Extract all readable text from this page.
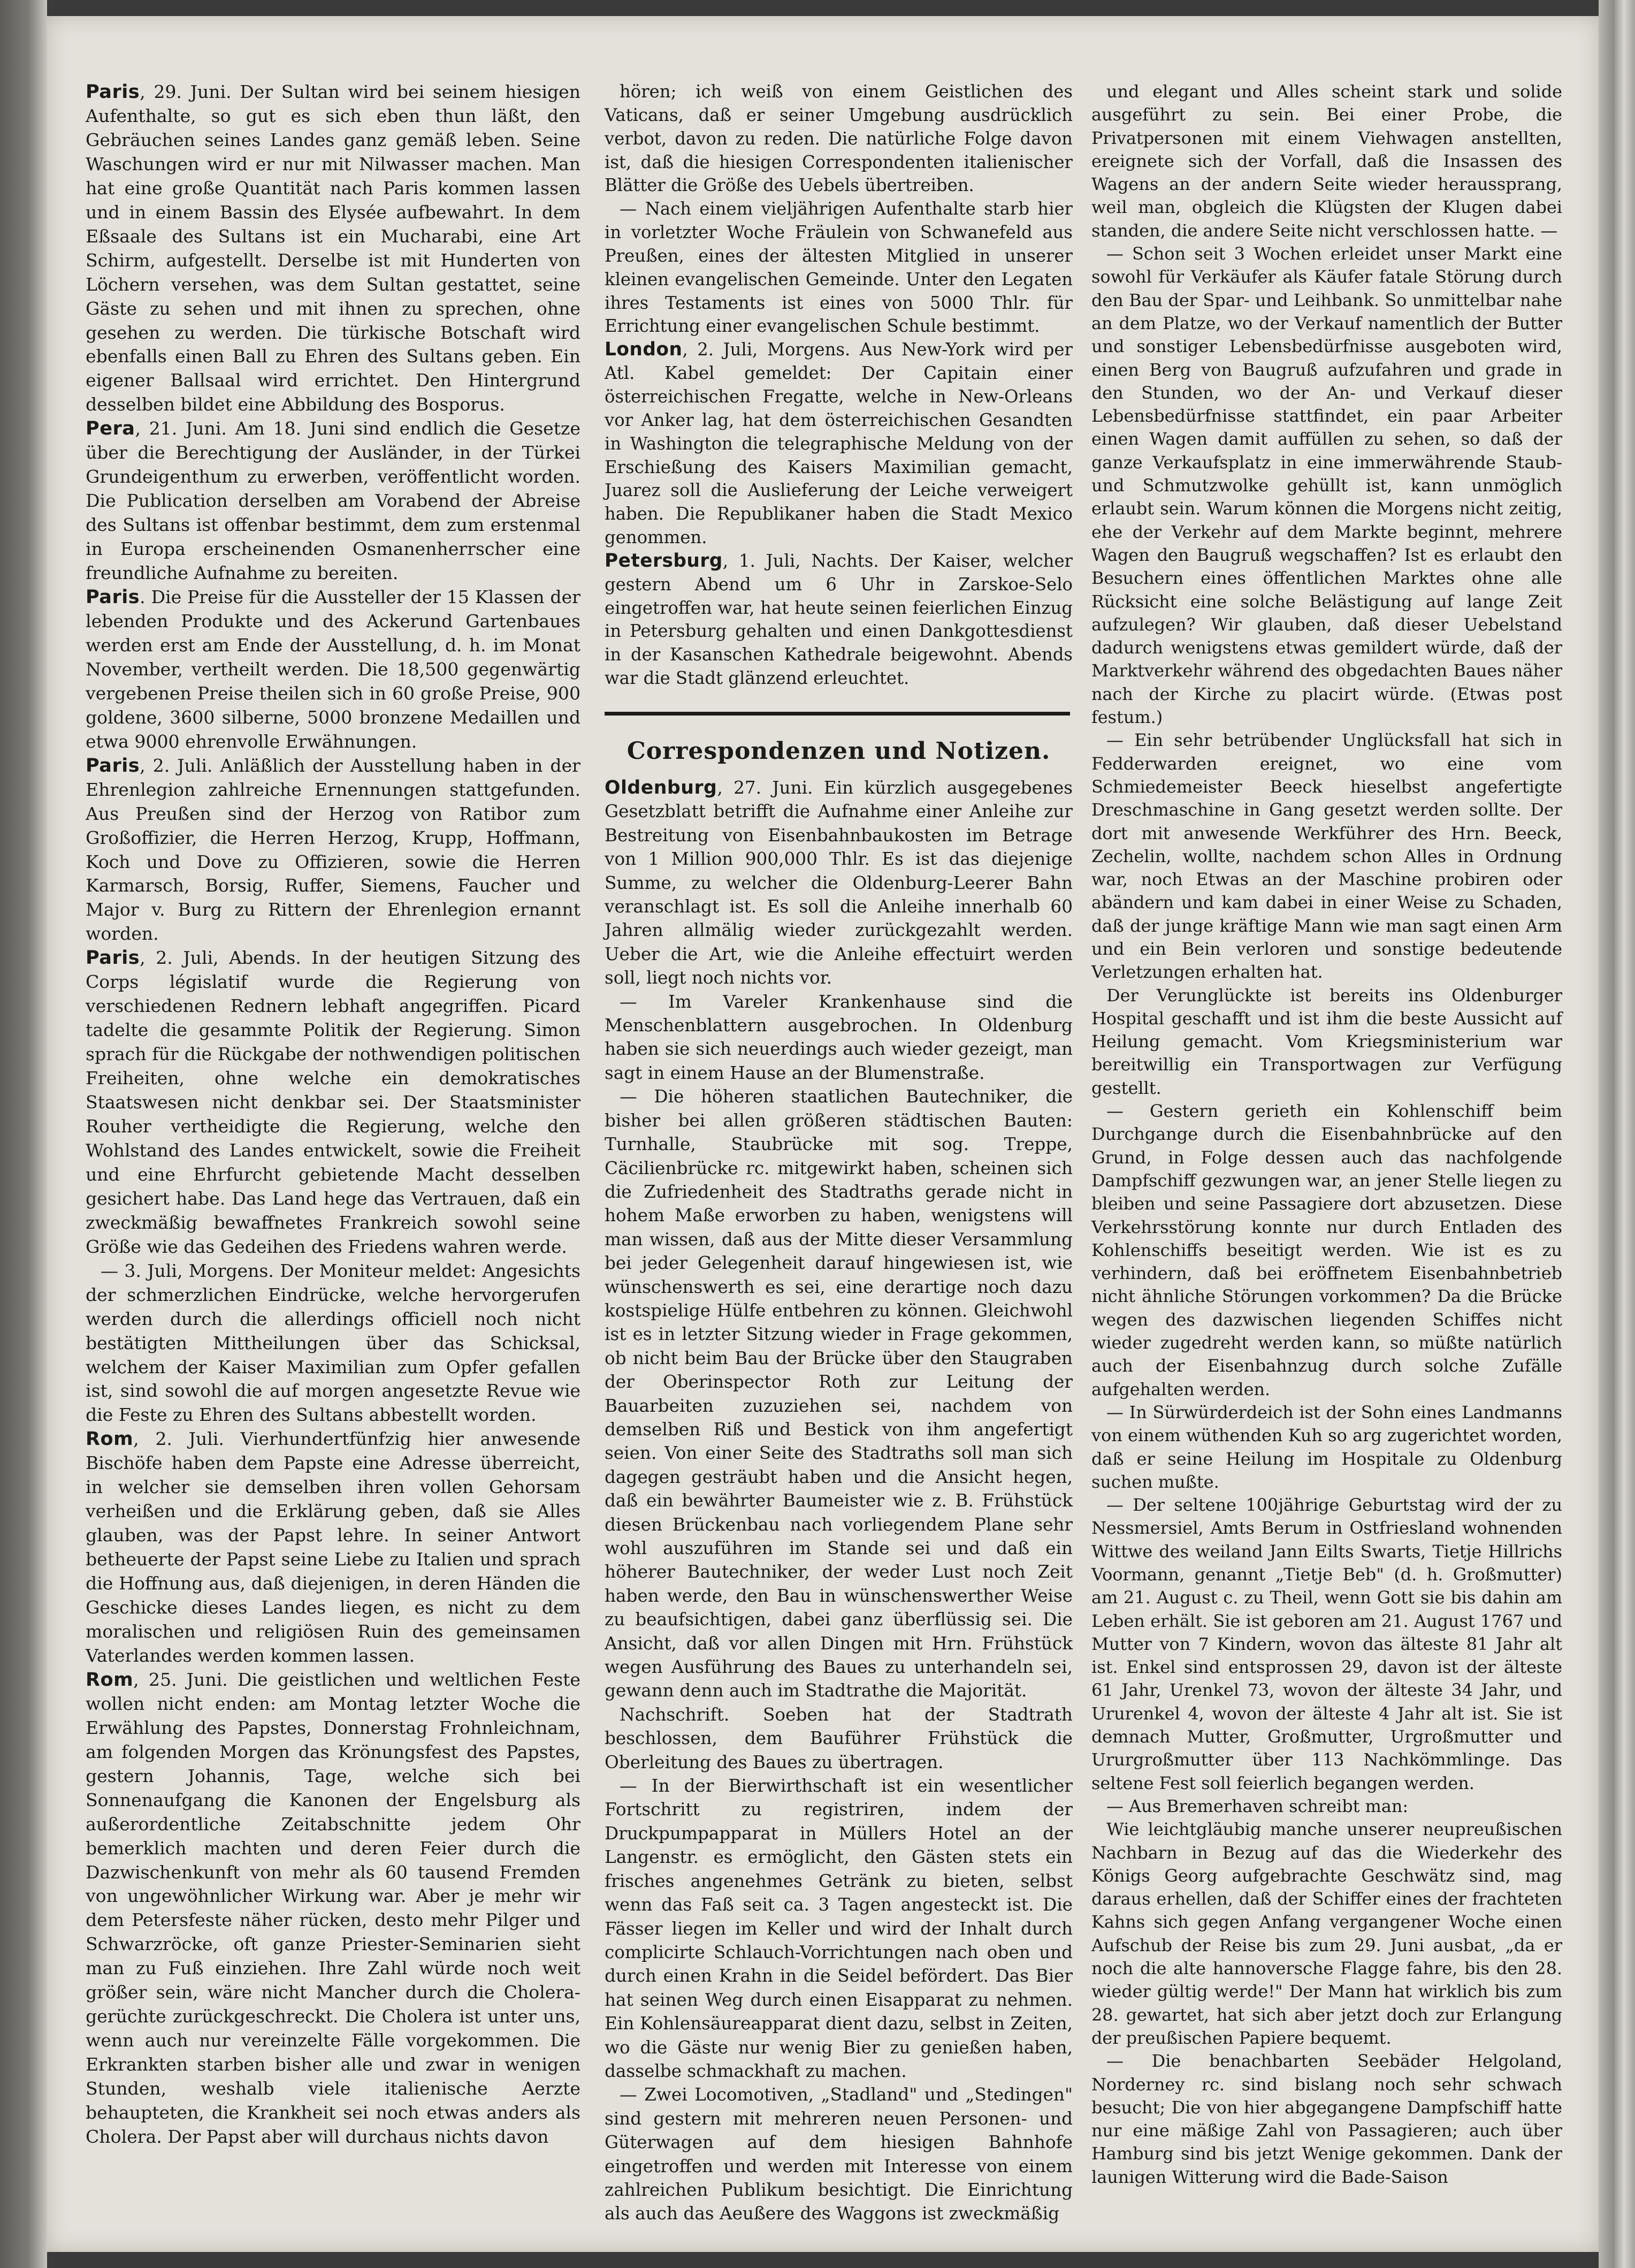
Paris, 29. Juni. Der Sultan wird bei seinem hiesigen Aufenthalte, so gut es sich eben thun läßt, den Gebräuchen seines Landes ganz gemäß leben. Seine Waschungen wird er nur mit Nilwasser machen. Man hat eine große Quantität nach Paris kommen lassen und in einem Bassin des Elysée aufbewahrt. In dem Eßsaale des Sultans ist ein Mucharabi, eine Art Schirm, aufgestellt. Derselbe ist mit Hunderten von Löchern versehen, was dem Sultan gestattet, seine Gäste zu sehen und mit ihnen zu sprechen, ohne gesehen zu werden. Die türkische Botschaft wird ebenfalls einen Ball zu Ehren des Sultans geben. Ein eigener Ballsaal wird errichtet. Den Hintergrund desselben bildet eine Abbildung des Bosporus.

Pera, 21. Juni. Am 18. Juni sind endlich die Gesetze über die Berechtigung der Ausländer, in der Türkei Grundeigenthum zu erwerben, veröffentlicht worden. Die Publication derselben am Vorabend der Abreise des Sultans ist offenbar bestimmt, dem zum erstenmal in Europa erscheinenden Osmanenherrscher eine freundliche Aufnahme zu bereiten.

Paris. Die Preise für die Aussteller der 15 Klassen der lebenden Produkte und des Ackerund Gartenbaues werden erst am Ende der Ausstellung, d. h. im Monat November, vertheilt werden. Die 18,500 gegenwärtig vergebenen Preise theilen sich in 60 große Preise, 900 goldene, 3600 silberne, 5000 bronzene Medaillen und etwa 9000 ehrenvolle Erwähnungen.

Paris, 2. Juli. Anläßlich der Ausstellung haben in der Ehrenlegion zahlreiche Ernennungen stattgefunden. Aus Preußen sind der Herzog von Ratibor zum Großoffizier, die Herren Herzog, Krupp, Hoffmann, Koch und Dove zu Offizieren, sowie die Herren Karmarsch, Borsig, Ruffer, Siemens, Faucher und Major v. Burg zu Rittern der Ehrenlegion ernannt worden.

Paris, 2. Juli, Abends. In der heutigen Sitzung des Corps législatif wurde die Regierung von verschiedenen Rednern lebhaft angegriffen. Picard tadelte die gesammte Politik der Regierung. Simon sprach für die Rückgabe der nothwendigen politischen Freiheiten, ohne welche ein demokratisches Staatswesen nicht denkbar sei. Der Staatsminister Rouher vertheidigte die Regierung, welche den Wohlstand des Landes entwickelt, sowie die Freiheit und eine Ehrfurcht gebietende Macht desselben gesichert habe. Das Land hege das Vertrauen, daß ein zweckmäßig bewaffnetes Frankreich sowohl seine Größe wie das Gedeihen des Friedens wahren werde.

— 3. Juli, Morgens. Der Moniteur meldet: Angesichts der schmerzlichen Eindrücke, welche hervorgerufen werden durch die allerdings officiell noch nicht bestätigten Mittheilungen über das Schicksal, welchem der Kaiser Maximilian zum Opfer gefallen ist, sind sowohl die auf morgen angesetzte Revue wie die Feste zu Ehren des Sultans abbestellt worden.

Rom, 2. Juli. Vierhundertfünfzig hier anwesende Bischöfe haben dem Papste eine Adresse überreicht, in welcher sie demselben ihren vollen Gehorsam verheißen und die Erklärung geben, daß sie Alles glauben, was der Papst lehre. In seiner Antwort betheuerte der Papst seine Liebe zu Italien und sprach die Hoffnung aus, daß diejenigen, in deren Händen die Geschicke dieses Landes liegen, es nicht zu dem moralischen und religiösen Ruin des gemeinsamen Vaterlandes werden kommen lassen.

Rom, 25. Juni. Die geistlichen und weltlichen Feste wollen nicht enden: am Montag letzter Woche die Erwählung des Papstes, Donnerstag Frohnleichnam, am folgenden Morgen das Krönungsfest des Papstes, gestern Johannis, Tage, welche sich bei Sonnenaufgang die Kanonen der Engelsburg als außerordentliche Zeitabschnitte jedem Ohr bemerklich machten und deren Feier durch die Dazwischenkunft von mehr als 60 tausend Fremden von ungewöhnlicher Wirkung war. Aber je mehr wir dem Petersfeste näher rücken, desto mehr Pilger und Schwarzröcke, oft ganze Priester-Seminarien sieht man zu Fuß einziehen. Ihre Zahl würde noch weit größer sein, wäre nicht Mancher durch die Cholera-gerüchte zurückgeschreckt. Die Cholera ist unter uns, wenn auch nur vereinzelte Fälle vorgekommen. Die Erkrankten starben bisher alle und zwar in wenigen Stunden, weshalb viele italienische Aerzte behaupteten, die Krankheit sei noch etwas anders als Cholera. Der Papst aber will durchaus nichts davon

hören; ich weiß von einem Geistlichen des Vaticans, daß er seiner Umgebung ausdrücklich verbot, davon zu reden. Die natürliche Folge davon ist, daß die hiesigen Correspondenten italienischer Blätter die Größe des Uebels übertreiben.

— Nach einem vieljährigen Aufenthalte starb hier in vorletzter Woche Fräulein von Schwanefeld aus Preußen, eines der ältesten Mitglied in unserer kleinen evangelischen Gemeinde. Unter den Legaten ihres Testaments ist eines von 5000 Thlr. für Errichtung einer evangelischen Schule bestimmt.

London, 2. Juli, Morgens. Aus New-York wird per Atl. Kabel gemeldet: Der Capitain einer österreichischen Fregatte, welche in New-Orleans vor Anker lag, hat dem österreichischen Gesandten in Washington die telegraphische Meldung von der Erschießung des Kaisers Maximilian gemacht, Juarez soll die Auslieferung der Leiche verweigert haben. Die Republikaner haben die Stadt Mexico genommen.

Petersburg, 1. Juli, Nachts. Der Kaiser, welcher gestern Abend um 6 Uhr in Zarskoe-Selo eingetroffen war, hat heute seinen feierlichen Einzug in Petersburg gehalten und einen Dankgottesdienst in der Kasanschen Kathedrale beigewohnt. Abends war die Stadt glänzend erleuchtet.

Correspondenzen und Notizen.

Oldenburg, 27. Juni. Ein kürzlich ausgegebenes Gesetzblatt betrifft die Aufnahme einer Anleihe zur Bestreitung von Eisenbahnbaukosten im Betrage von 1 Million 900,000 Thlr. Es ist das diejenige Summe, zu welcher die Oldenburg-Leerer Bahn veranschlagt ist. Es soll die Anleihe innerhalb 60 Jahren allmälig wieder zurückgezahlt werden. Ueber die Art, wie die Anleihe effectuirt werden soll, liegt noch nichts vor.

— Im Vareler Krankenhause sind die Menschenblattern ausgebrochen. In Oldenburg haben sie sich neuerdings auch wieder gezeigt, man sagt in einem Hause an der Blumenstraße.

— Die höheren staatlichen Bautechniker, die bisher bei allen größeren städtischen Bauten: Turnhalle, Staubrücke mit sog. Treppe, Cäcilienbrücke rc. mitgewirkt haben, scheinen sich die Zufriedenheit des Stadtraths gerade nicht in hohem Maße erworben zu haben, wenigstens will man wissen, daß aus der Mitte dieser Versammlung bei jeder Gelegenheit darauf hingewiesen ist, wie wünschenswerth es sei, eine derartige noch dazu kostspielige Hülfe entbehren zu können. Gleichwohl ist es in letzter Sitzung wieder in Frage gekommen, ob nicht beim Bau der Brücke über den Staugraben der Oberinspector Roth zur Leitung der Bauarbeiten zuzuziehen sei, nachdem von demselben Riß und Bestick von ihm angefertigt seien. Von einer Seite des Stadtraths soll man sich dagegen gesträubt haben und die Ansicht hegen, daß ein bewährter Baumeister wie z. B. Frühstück diesen Brückenbau nach vorliegendem Plane sehr wohl auszuführen im Stande sei und daß ein höherer Bautechniker, der weder Lust noch Zeit haben werde, den Bau in wünschenswerther Weise zu beaufsichtigen, dabei ganz überflüssig sei. Die Ansicht, daß vor allen Dingen mit Hrn. Frühstück wegen Ausführung des Baues zu unterhandeln sei, gewann denn auch im Stadtrathe die Majorität.

Nachschrift. Soeben hat der Stadtrath beschlossen, dem Bauführer Frühstück die Oberleitung des Baues zu übertragen.

— In der Bierwirthschaft ist ein wesentlicher Fortschritt zu registriren, indem der Druckpumpapparat in Müllers Hotel an der Langenstr. es ermöglicht, den Gästen stets ein frisches angenehmes Getränk zu bieten, selbst wenn das Faß seit ca. 3 Tagen angesteckt ist. Die Fässer liegen im Keller und wird der Inhalt durch complicirte Schlauch-Vorrichtungen nach oben und durch einen Krahn in die Seidel befördert. Das Bier hat seinen Weg durch einen Eisapparat zu nehmen. Ein Kohlensäureapparat dient dazu, selbst in Zeiten, wo die Gäste nur wenig Bier zu genießen haben, dasselbe schmackhaft zu machen.

— Zwei Locomotiven, „Stadland" und „Stedingen" sind gestern mit mehreren neuen Personen- und Güterwagen auf dem hiesigen Bahnhofe eingetroffen und werden mit Interesse von einem zahlreichen Publikum besichtigt. Die Einrichtung als auch das Aeußere des Waggons ist zweckmäßig

und elegant und Alles scheint stark und solide ausgeführt zu sein. Bei einer Probe, die Privatpersonen mit einem Viehwagen anstellten, ereignete sich der Vorfall, daß die Insassen des Wagens an der andern Seite wieder heraussprang, weil man, obgleich die Klügsten der Klugen dabei standen, die andere Seite nicht verschlossen hatte. —

— Schon seit 3 Wochen erleidet unser Markt eine sowohl für Verkäufer als Käufer fatale Störung durch den Bau der Spar- und Leihbank. So unmittelbar nahe an dem Platze, wo der Verkauf namentlich der Butter und sonstiger Lebensbedürfnisse ausgeboten wird, einen Berg von Baugruß aufzufahren und grade in den Stunden, wo der An- und Verkauf dieser Lebensbedürfnisse stattfindet, ein paar Arbeiter einen Wagen damit auffüllen zu sehen, so daß der ganze Verkaufsplatz in eine immerwährende Staub- und Schmutzwolke gehüllt ist, kann unmöglich erlaubt sein. Warum können die Morgens nicht zeitig, ehe der Verkehr auf dem Markte beginnt, mehrere Wagen den Baugruß wegschaffen? Ist es erlaubt den Besuchern eines öffentlichen Marktes ohne alle Rücksicht eine solche Belästigung auf lange Zeit aufzulegen? Wir glauben, daß dieser Uebelstand dadurch wenigstens etwas gemildert würde, daß der Marktverkehr während des obgedachten Baues näher nach der Kirche zu placirt würde. (Etwas post festum.)

— Ein sehr betrübender Unglücksfall hat sich in Fedderwarden ereignet, wo eine vom Schmiedemeister Beeck hieselbst angefertigte Dreschmaschine in Gang gesetzt werden sollte. Der dort mit anwesende Werkführer des Hrn. Beeck, Zechelin, wollte, nachdem schon Alles in Ordnung war, noch Etwas an der Maschine probiren oder abändern und kam dabei in einer Weise zu Schaden, daß der junge kräftige Mann wie man sagt einen Arm und ein Bein verloren und sonstige bedeutende Verletzungen erhalten hat.

Der Verunglückte ist bereits ins Oldenburger Hospital geschafft und ist ihm die beste Aussicht auf Heilung gemacht. Vom Kriegsministerium war bereitwillig ein Transportwagen zur Verfügung gestellt.

— Gestern gerieth ein Kohlenschiff beim Durchgange durch die Eisenbahnbrücke auf den Grund, in Folge dessen auch das nachfolgende Dampfschiff gezwungen war, an jener Stelle liegen zu bleiben und seine Passagiere dort abzusetzen. Diese Verkehrsstörung konnte nur durch Entladen des Kohlenschiffs beseitigt werden. Wie ist es zu verhindern, daß bei eröffnetem Eisenbahnbetrieb nicht ähnliche Störungen vorkommen? Da die Brücke wegen des dazwischen liegenden Schiffes nicht wieder zugedreht werden kann, so müßte natürlich auch der Eisenbahnzug durch solche Zufälle aufgehalten werden.

— In Sürwürderdeich ist der Sohn eines Landmanns von einem wüthenden Kuh so arg zugerichtet worden, daß er seine Heilung im Hospitale zu Oldenburg suchen mußte.

— Der seltene 100jährige Geburtstag wird der zu Nessmersiel, Amts Berum in Ostfriesland wohnenden Wittwe des weiland Jann Eilts Swarts, Tietje Hillrichs Voormann, genannt „Tietje Beb" (d. h. Großmutter) am 21. August c. zu Theil, wenn Gott sie bis dahin am Leben erhält. Sie ist geboren am 21. August 1767 und Mutter von 7 Kindern, wovon das älteste 81 Jahr alt ist. Enkel sind entsprossen 29, davon ist der älteste 61 Jahr, Urenkel 73, wovon der älteste 34 Jahr, und Ururenkel 4, wovon der älteste 4 Jahr alt ist. Sie ist demnach Mutter, Großmutter, Urgroßmutter und Ururgroßmutter über 113 Nachkömmlinge. Das seltene Fest soll feierlich begangen werden.

— Aus Bremerhaven schreibt man:

Wie leichtgläubig manche unserer neupreußischen Nachbarn in Bezug auf das die Wiederkehr des Königs Georg aufgebrachte Geschwätz sind, mag daraus erhellen, daß der Schiffer eines der frachteten Kahns sich gegen Anfang vergangener Woche einen Aufschub der Reise bis zum 29. Juni ausbat, „da er noch die alte hannoversche Flagge fahre, bis den 28. wieder gültig werde!" Der Mann hat wirklich bis zum 28. gewartet, hat sich aber jetzt doch zur Erlangung der preußischen Papiere bequemt.

— Die benachbarten Seebäder Helgoland, Norderney rc. sind bislang noch sehr schwach besucht; Die von hier abgegangene Dampfschiff hatte nur eine mäßige Zahl von Passagieren; auch über Hamburg sind bis jetzt Wenige gekommen. Dank der launigen Witterung wird die Bade-Saison
